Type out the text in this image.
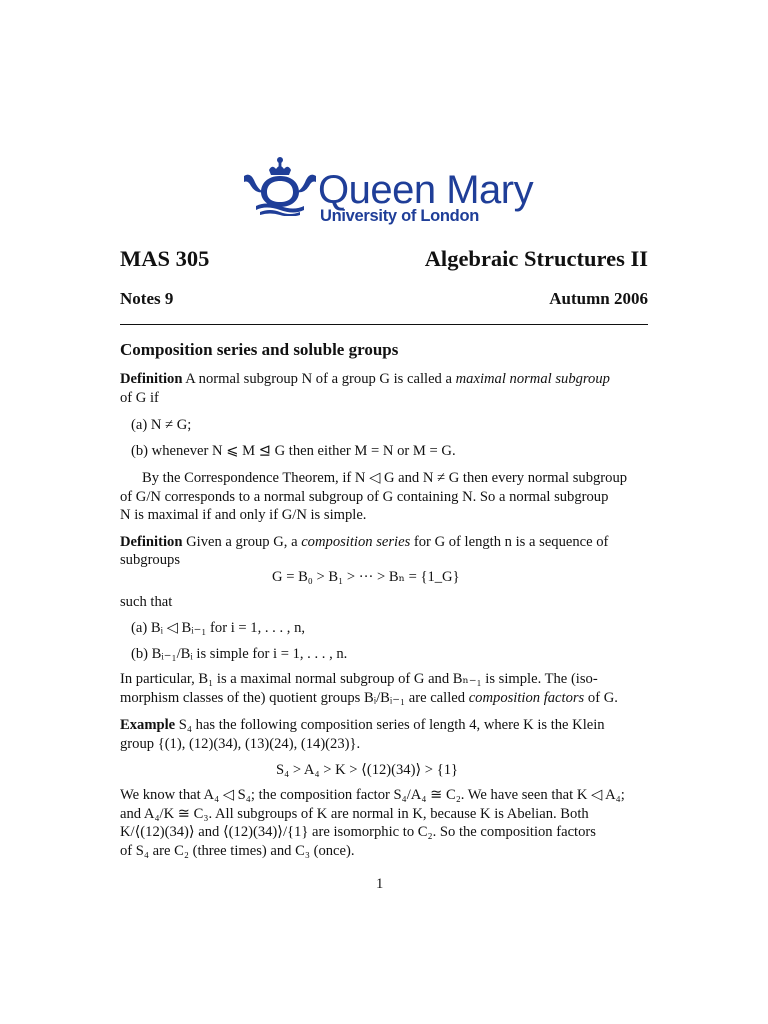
Queen Mary
University of London
MAS 305	Algebraic Structures II
Notes 9	Autumn 2006
Composition series and soluble groups
Definition A normal subgroup N of a group G is called a maximal normal subgroup
of G if
(a) N ≠ G;
(b) whenever N ⩽ M ⊴ G then either M = N or M = G.
By the Correspondence Theorem, if N ◁ G and N ≠ G then every normal subgroup
of G/N corresponds to a normal subgroup of G containing N. So a normal subgroup
N is maximal if and only if G/N is simple.
Definition Given a group G, a composition series for G of length n is a sequence of
subgroups
G = B₀ > B₁ > ··· > Bₙ = {1_G}
such that
(a) Bᵢ ◁ Bᵢ₋₁ for i = 1, . . . , n,
(b) Bᵢ₋₁/Bᵢ is simple for i = 1, . . . , n.
In particular, B₁ is a maximal normal subgroup of G and Bₙ₋₁ is simple. The (iso-
morphism classes of the) quotient groups Bᵢ/Bᵢ₋₁ are called composition factors of G.
Example S₄ has the following composition series of length 4, where K is the Klein
group {(1), (12)(34), (13)(24), (14)(23)}.
S₄ > A₄ > K > ⟨(12)(34)⟩ > {1}
We know that A₄ ◁ S₄; the composition factor S₄/A₄ ≅ C₂. We have seen that K ◁ A₄;
and A₄/K ≅ C₃. All subgroups of K are normal in K, because K is Abelian. Both
K/⟨(12)(34)⟩ and ⟨(12)(34)⟩/{1} are isomorphic to C₂. So the composition factors
of S₄ are C₂ (three times) and C₃ (once).
1
